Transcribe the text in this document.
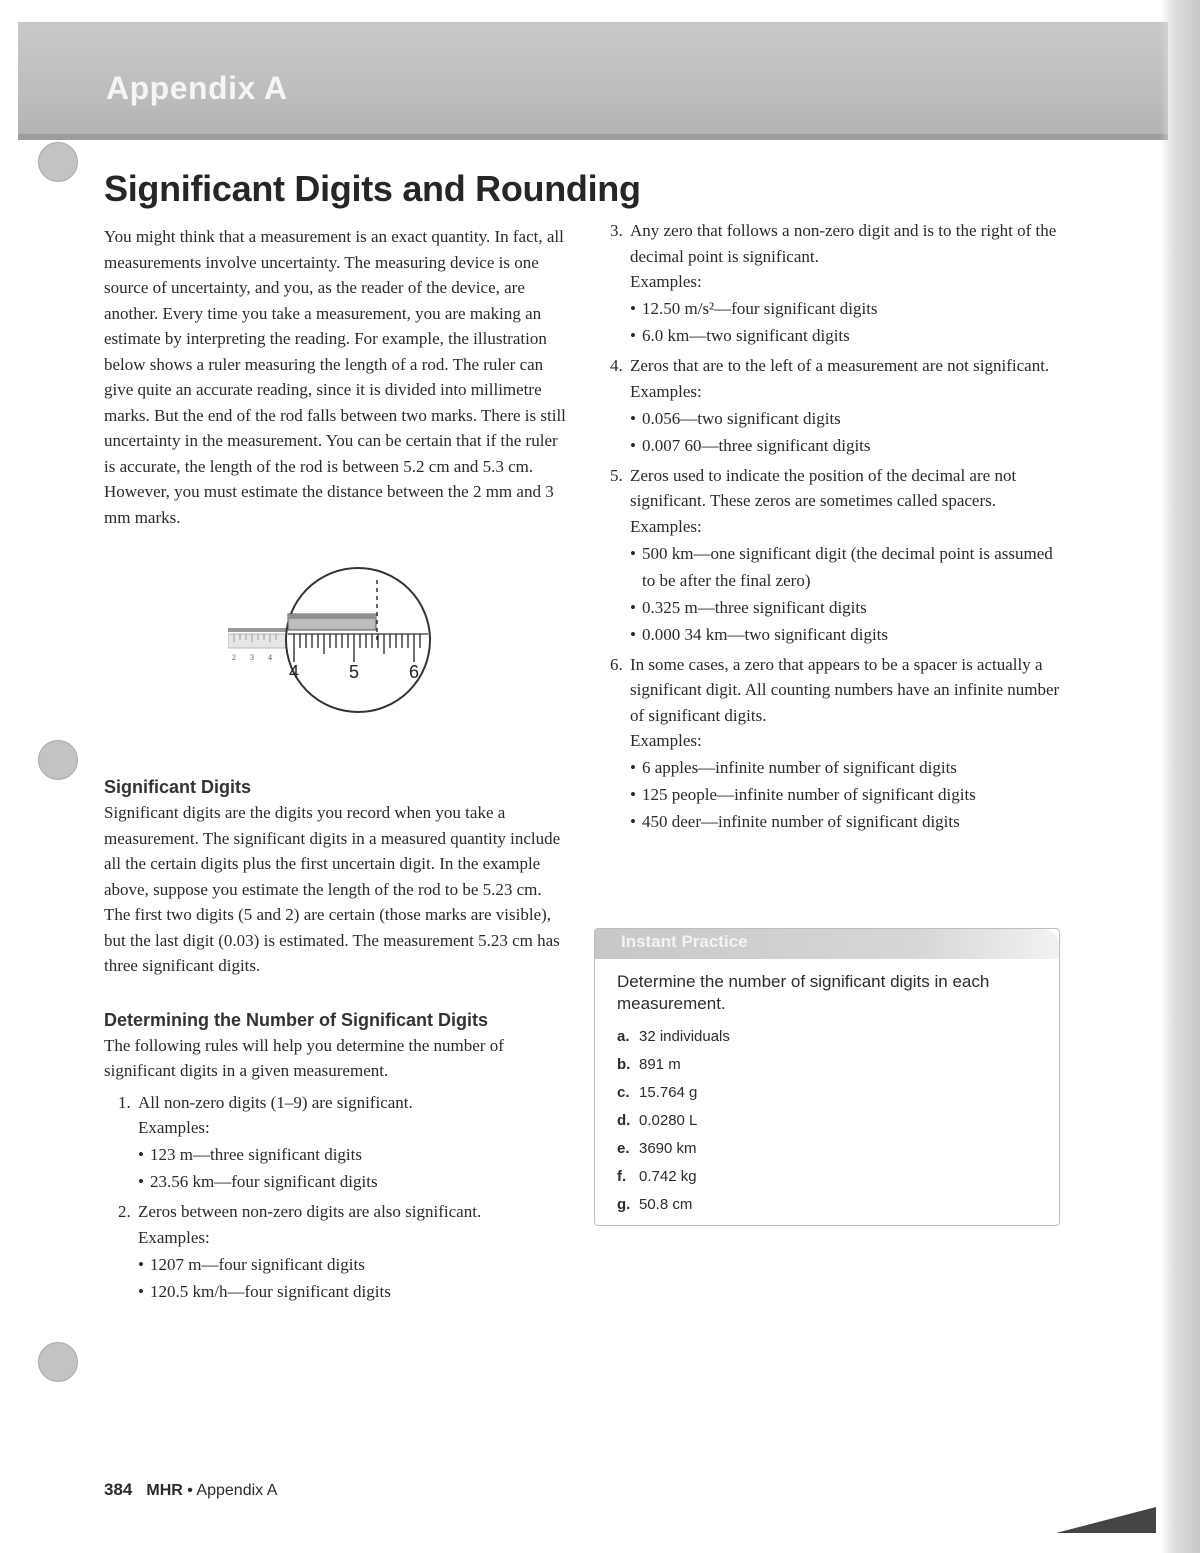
Appendix A
Significant Digits and Rounding

You might think that a measurement is an exact quantity. In fact, all measurements involve uncertainty. The measuring device is one source of uncertainty, and you, as the reader of the device, are another. Every time you take a measurement, you are making an estimate by interpreting the reading. For example, the illustration below shows a ruler measuring the length of a rod. The ruler can give quite an accurate reading, since it is divided into millimetre marks. But the end of the rod falls between two marks. There is still uncertainty in the measurement. You can be certain that if the ruler is accurate, the length of the rod is between 5.2 cm and 5.3 cm. However, you must estimate the distance between the 2 mm and 3 mm marks.

Significant Digits

Significant digits are the digits you record when you take a measurement. The significant digits in a measured quantity include all the certain digits plus the first uncertain digit. In the example above, suppose you estimate the length of the rod to be 5.23 cm. The first two digits (5 and 2) are certain (those marks are visible), but the last digit (0.03) is estimated. The measurement 5.23 cm has three significant digits.

Determining the Number of Significant Digits

The following rules will help you determine the number of significant digits in a given measurement.

1. All non-zero digits (1–9) are significant.

Examples:
• 123 m—three significant digits
• 23.56 km—four significant digits
2. Zeros between non-zero digits are also significant.

Examples:
• 1207 m—four significant digits
• 120.5 km/h—four significant digits
2 3 4
4	5	6
3. Any zero that follows a non-zero digit and is to the right of the decimal point is significant.

Examples:
• 12.50 m/s²—four significant digits
• 6.0 km—two significant digits
4. Zeros that are to the left of a measurement are not significant.

Examples:
• 0.056—two significant digits
• 0.007 60—three significant digits
5. Zeros used to indicate the position of the decimal are not significant. These zeros are sometimes called spacers.

Examples:
• 500 km—one significant digit (the decimal point is assumed to be after the final zero)
• 0.325 m—three significant digits
• 0.000 34 km—two significant digits
6. In some cases, a zero that appears to be a spacer is actually a significant digit. All counting numbers have an infinite number of significant digits.

Examples:
• 6 apples—infinite number of significant digits
• 125 people—infinite number of significant digits
• 450 deer—infinite number of significant digits
Instant Practice

Determine the number of significant digits in each measurement.

a. 32 individuals
b. 891 m
c. 15.764 g
d. 0.0280 L
e. 3690 km
f. 0.742 kg
g. 50.8 cm
384 MHR • Appendix A
